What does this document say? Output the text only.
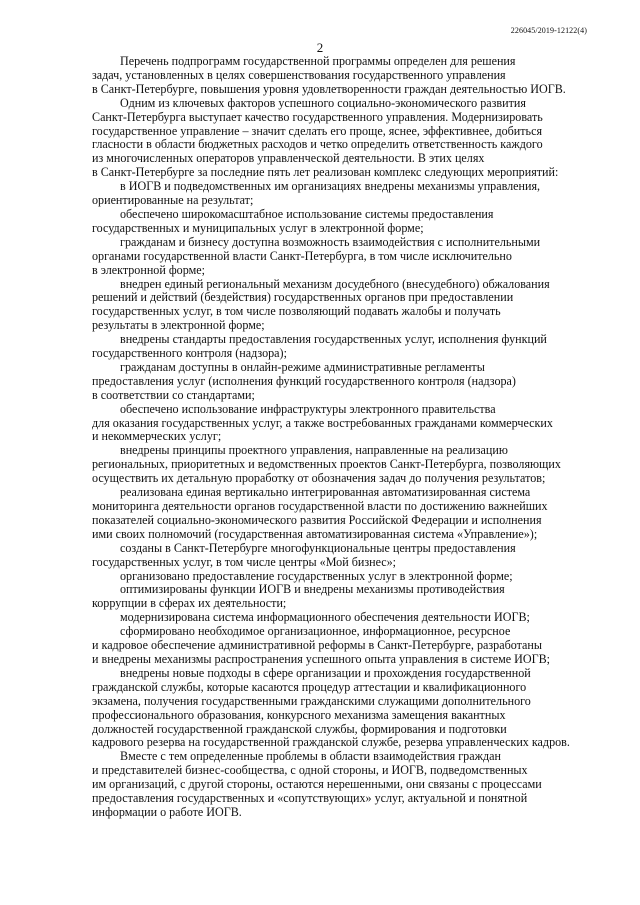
226045/2019-12122(4)
2

Перечень подпрограмм государственной программы определен для решения
задач, установленных в целях совершенствования государственного управления
в Санкт-Петербурге, повышения уровня удовлетворенности граждан деятельностью ИОГВ.

Одним из ключевых факторов успешного социально-экономического развития
Санкт-Петербурга выступает качество государственного управления. Модернизировать
государственное управление – значит сделать его проще, яснее, эффективнее, добиться
гласности в области бюджетных расходов и четко определить ответственность каждого
из многочисленных операторов управленческой деятельности. В этих целях
в Санкт-Петербурге за последние пять лет реализован комплекс следующих мероприятий:

в ИОГВ и подведомственных им организациях внедрены механизмы управления,
ориентированные на результат;

обеспечено широкомасштабное использование системы предоставления
государственных и муниципальных услуг в электронной форме;

гражданам и бизнесу доступна возможность взаимодействия с исполнительными
органами государственной власти Санкт-Петербурга, в том числе исключительно
в электронной форме;

внедрен единый региональный механизм досудебного (внесудебного) обжалования
решений и действий (бездействия) государственных органов при предоставлении
государственных услуг, в том числе позволяющий подавать жалобы и получать
результаты в электронной форме;

внедрены стандарты предоставления государственных услуг, исполнения функций
государственного контроля (надзора);

гражданам доступны в онлайн-режиме административные регламенты
предоставления услуг (исполнения функций государственного контроля (надзора)
в соответствии со стандартами;

обеспечено использование инфраструктуры электронного правительства
для оказания государственных услуг, а также востребованных гражданами коммерческих
и некоммерческих услуг;

внедрены принципы проектного управления, направленные на реализацию
региональных, приоритетных и ведомственных проектов Санкт-Петербурга, позволяющих
осуществить их детальную проработку от обозначения задач до получения результатов;

реализована единая вертикально интегрированная автоматизированная система
мониторинга деятельности органов государственной власти по достижению важнейших
показателей социально-экономического развития Российской Федерации и исполнения
ими своих полномочий (государственная автоматизированная система «Управление»);

созданы в Санкт-Петербурге многофункциональные центры предоставления
государственных услуг, в том числе центры «Мой бизнес»;

организовано предоставление государственных услуг в электронной форме;

оптимизированы функции ИОГВ и внедрены механизмы противодействия
коррупции в сферах их деятельности;

модернизирована система информационного обеспечения деятельности ИОГВ;

сформировано необходимое организационное, информационное, ресурсное
и кадровое обеспечение административной реформы в Санкт-Петербурге, разработаны
и внедрены механизмы распространения успешного опыта управления в системе ИОГВ;

внедрены новые подходы в сфере организации и прохождения государственной
гражданской службы, которые касаются процедур аттестации и квалификационного
экзамена, получения государственными гражданскими служащими дополнительного
профессионального образования, конкурсного механизма замещения вакантных
должностей государственной гражданской службы, формирования и подготовки
кадрового резерва на государственной гражданской службе, резерва управленческих кадров.

Вместе с тем определенные проблемы в области взаимодействия граждан
и представителей бизнес-сообщества, с одной стороны, и ИОГВ, подведомственных
им организаций, с другой стороны, остаются нерешенными, они связаны с процессами
предоставления государственных и «сопутствующих» услуг, актуальной и понятной
информации о работе ИОГВ.
